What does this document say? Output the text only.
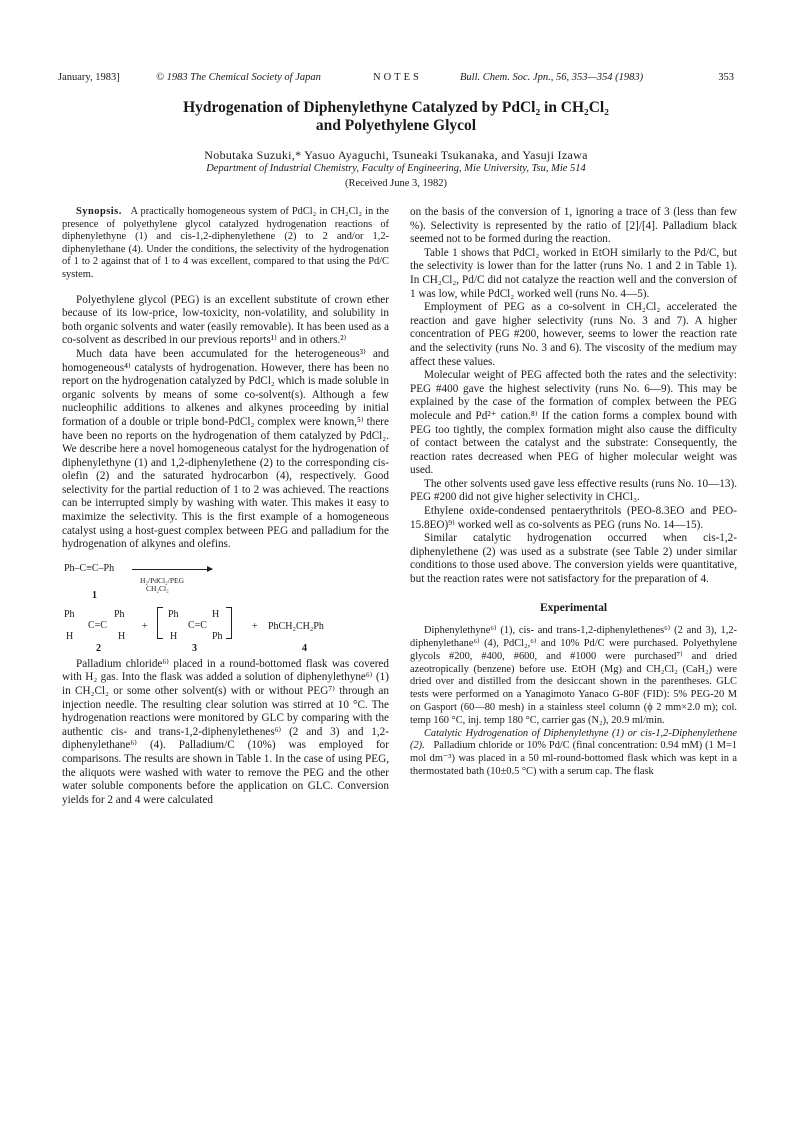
January, 1983]	© 1983 The Chemical Society of Japan	NOTES	Bull. Chem. Soc. Jpn., 56, 353—354 (1983)	353
Hydrogenation of Diphenylethyne Catalyzed by PdCl₂ in CH₂Cl₂
and Polyethylene Glycol
Nobutaka Suzuki,* Yasuo Ayaguchi, Tsuneaki Tsukanaka, and Yasuji Izawa
Department of Industrial Chemistry, Faculty of Engineering, Mie University, Tsu, Mie 514
(Received June 3, 1982)

Synopsis. A practically homogeneous system of PdCl₂ in CH₂Cl₂ in the presence of polyethylene glycol catalyzed hydrogenation reactions of diphenylethyne (1) and cis-1,2-diphenylethene (2) to 2 and/or 1,2-diphenylethane (4). Under the conditions, the selectivity of the hydrogenation of 1 to 2 against that of 1 to 4 was excellent, compared to that using the Pd/C system.

Polyethylene glycol (PEG) is an excellent substitute of crown ether because of its low-price, low-toxicity, non-volatility, and solubility in both organic solvents and water (easily removable). It has been used as a co-solvent as described in our previous reports¹⁾ and in others.²⁾

Much data have been accumulated for the heterogeneous³⁾ and homogeneous⁴⁾ catalysts of hydrogenation. However, there has been no report on the hydrogenation catalyzed by PdCl₂ which is made soluble in organic solvents by means of some co-solvent(s). Although a few nucleophilic additions to alkenes and alkynes proceeding by initial formation of a double or triple bond-PdCl₂ complex were known,⁵⁾ there have been no reports on the hydrogenation of them catalyzed by PdCl₂. We describe here a novel homogeneous catalyst for the hydrogenation of diphenylethyne (1) and 1,2-diphenylethene (2) to the corresponding cis-olefin (2) and the saturated hydrocarbon (4), respectively. Good selectivity for the partial reduction of 1 to 2 was achieved. The reactions can be interrupted simply by washing with water. This makes it easy to maximize the selectivity. This is the first example of a homogeneous catalyst using a host-guest complex between PEG and palladium for the hydrogenation of alkynes and olefins.

Ph–C≡C–Ph
H₂/PdCl₂/PEG
CH₂Cl₂
1
Ph	Ph
C=C
H	H
2
+
Ph	H
C=C
H	Ph
3
+ PhCH₂CH₂Ph
4

Palladium chloride⁶⁾ placed in a round-bottomed flask was covered with H₂ gas. Into the flask was added a solution of diphenylethyne⁶⁾ (1) in CH₂Cl₂ or some other solvent(s) with or without PEG⁷⁾ through an injection needle. The resulting clear solution was stirred at 10 °C. The hydrogenation reactions were monitored by GLC by comparing with the authentic cis- and trans-1,2-diphenylethenes⁶⁾ (2 and 3) and 1,2-diphenylethane⁶⁾ (4). Palladium/C (10%) was employed for comparisons. The results are shown in Table 1. In the case of using PEG, the aliquots were washed with water to remove the PEG and the other water soluble components before the application on GLC. Conversion yields for 2 and 4 were calculated

on the basis of the conversion of 1, ignoring a trace of 3 (less than few %). Selectivity is represented by the ratio of [2]/[4]. Palladium black seemed not to be formed during the reaction.

Table 1 shows that PdCl₂ worked in EtOH similarly to the Pd/C, but the selectivity is lower than for the latter (runs No. 1 and 2 in Table 1). In CH₂Cl₂, Pd/C did not catalyze the reaction well and the conversion of 1 was low, while PdCl₂ worked well (runs No. 4—5).

Employment of PEG as a co-solvent in CH₂Cl₂ accelerated the reaction and gave higher selectivity (runs No. 3 and 7). A higher concentration of PEG #200, however, seems to lower the reaction rate and the selectivity (runs No. 3 and 6). The viscosity of the medium may affect these values.

Molecular weight of PEG affected both the rates and the selectivity: PEG #400 gave the highest selectivity (runs No. 6—9). This may be explained by the case of the formation of complex between the PEG molecule and Pd²⁺ cation.⁸⁾ If the cation forms a complex bound with PEG too tightly, the complex formation might also cause the difficulty of contact between the catalyst and the substrate: Consequently, the reaction rates decreased when PEG of higher molecular weight was used.

The other solvents used gave less effective results (runs No. 10—13). PEG #200 did not give higher selectivity in CHCl₃.

Ethylene oxide-condensed pentaerythritols (PEO-8.3EO and PEO-15.8EO)⁹⁾ worked well as co-solvents as PEG (runs No. 14—15).

Similar catalytic hydrogenation occurred when cis-1,2-diphenylethene (2) was used as a substrate (see Table 2) under similar conditions to those used above. The conversion yields were quantitative, but the reaction rates were not satisfactory for the preparation of 4.

Experimental

Diphenylethyne⁶⁾ (1), cis- and trans-1,2-diphenylethenes⁶⁾ (2 and 3), 1,2-diphenylethane⁶⁾ (4), PdCl₂,⁶⁾ and 10% Pd/C were purchased. Polyethylene glycols #200, #400, #600, and #1000 were purchased⁷⁾ and dried azeotropically (benzene) before use. EtOH (Mg) and CH₂Cl₂ (CaH₂) were dried over and distilled from the desiccant shown in the parentheses. GLC tests were performed on a Yanagimoto Yanaco G-80F (FID): 5% PEG-20 M on Gasport (60—80 mesh) in a stainless steel column (ϕ 2 mm×2.0 m); col. temp 160 °C, inj. temp 180 °C, carrier gas (N₂), 20.9 ml/min.

Catalytic Hydrogenation of Diphenylethyne (1) or cis-1,2-Diphenylethene (2). Palladium chloride or 10% Pd/C (final concentration: 0.94 mM) (1 M=1 mol dm⁻³) was placed in a 50 ml-round-bottomed flask which was kept in a thermostated bath (10±0.5 °C) with a serum cap. The flask
